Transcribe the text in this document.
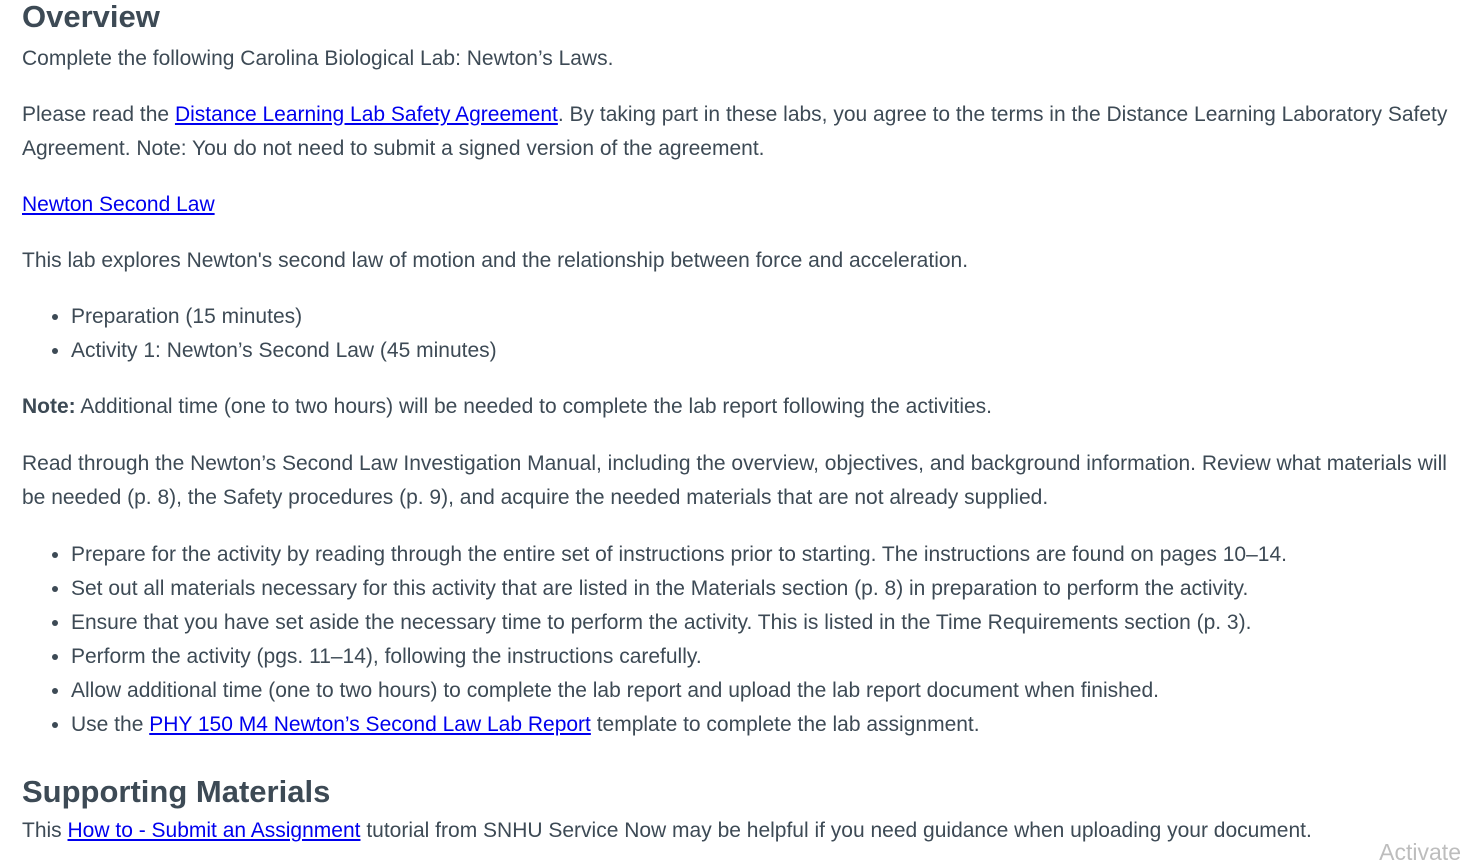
Overview

Complete the following Carolina Biological Lab: Newton’s Laws.

Please read the Distance Learning Lab Safety Agreement. By taking part in these labs, you agree to the terms in the Distance Learning Laboratory Safety Agreement. Note: You do not need to submit a signed version of the agreement.

Newton Second Law

This lab explores Newton's second law of motion and the relationship between force and acceleration.

• Preparation (15 minutes)
• Activity 1: Newton’s Second Law (45 minutes)

Note: Additional time (one to two hours) will be needed to complete the lab report following the activities.

Read through the Newton’s Second Law Investigation Manual, including the overview, objectives, and background information. Review what materials will be needed (p. 8), the Safety procedures (p. 9), and acquire the needed materials that are not already supplied.

• Prepare for the activity by reading through the entire set of instructions prior to starting. The instructions are found on pages 10–14.
• Set out all materials necessary for this activity that are listed in the Materials section (p. 8) in preparation to perform the activity.
• Ensure that you have set aside the necessary time to perform the activity. This is listed in the Time Requirements section (p. 3).
• Perform the activity (pgs. 11–14), following the instructions carefully.
• Allow additional time (one to two hours) to complete the lab report and upload the lab report document when finished.
• Use the PHY 150 M4 Newton’s Second Law Lab Report template to complete the lab assignment.
Supporting Materials

This How to - Submit an Assignment tutorial from SNHU Service Now may be helpful if you need guidance when uploading your document.

Activate
